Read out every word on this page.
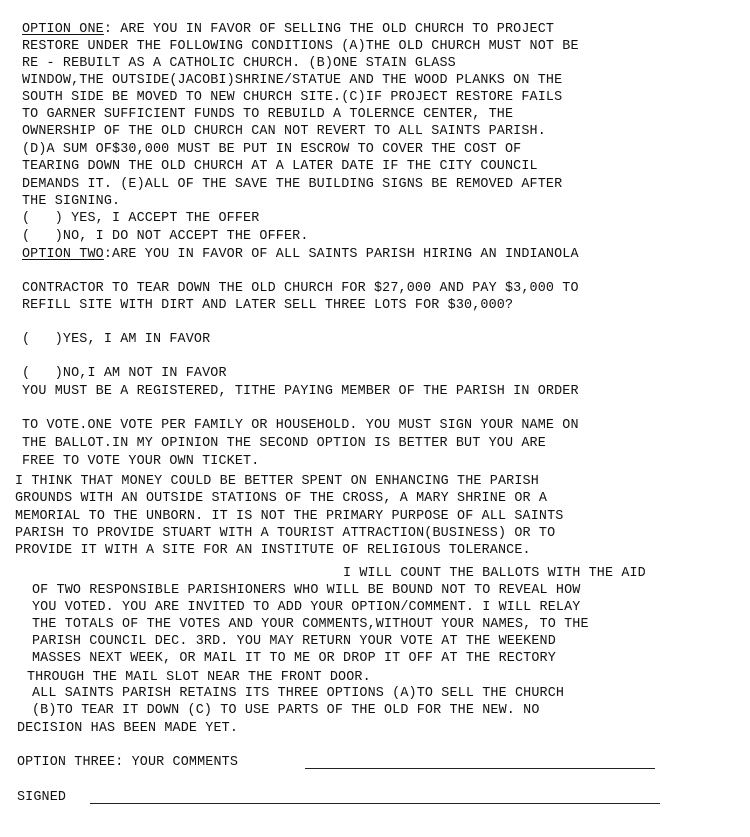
OPTION ONE: ARE YOU IN FAVOR OF SELLING THE OLD CHURCH TO PROJECT
RESTORE UNDER THE FOLLOWING CONDITIONS (A)THE OLD CHURCH MUST NOT BE
RE - REBUILT AS A CATHOLIC CHURCH. (B)ONE STAIN GLASS
WINDOW,THE OUTSIDE(JACOBI)SHRINE/STATUE AND THE WOOD PLANKS ON THE
SOUTH SIDE BE MOVED TO NEW CHURCH SITE.(C)IF PROJECT RESTORE FAILS
TO GARNER SUFFICIENT FUNDS TO REBUILD A TOLERNCE CENTER, THE
OWNERSHIP OF THE OLD CHURCH CAN NOT REVERT TO ALL SAINTS PARISH.
(D)A SUM OF$30,000 MUST BE PUT IN ESCROW TO COVER THE COST OF
TEARING DOWN THE OLD CHURCH AT A LATER DATE IF THE CITY COUNCIL
DEMANDS IT. (E)ALL OF THE SAVE THE BUILDING SIGNS BE REMOVED AFTER
THE SIGNING.
(   ) YES, I ACCEPT THE OFFER
(   )NO, I DO NOT ACCEPT THE OFFER.
OPTION TWO:ARE YOU IN FAVOR OF ALL SAINTS PARISH HIRING AN INDIANOLA
CONTRACTOR TO TEAR DOWN THE OLD CHURCH FOR $27,000 AND PAY $3,000 TO
REFILL SITE WITH DIRT AND LATER SELL THREE LOTS FOR $30,000?
(   )YES, I AM IN FAVOR
(   )NO,I AM NOT IN FAVOR
YOU MUST BE A REGISTERED, TITHE PAYING MEMBER OF THE PARISH IN ORDER
TO VOTE.ONE VOTE PER FAMILY OR HOUSEHOLD. YOU MUST SIGN YOUR NAME ON
THE BALLOT.IN MY OPINION THE SECOND OPTION IS BETTER BUT YOU ARE
FREE TO VOTE YOUR OWN TICKET.
I THINK THAT MONEY COULD BE BETTER SPENT ON ENHANCING THE PARISH
GROUNDS WITH AN OUTSIDE STATIONS OF THE CROSS, A MARY SHRINE OR A
MEMORIAL TO THE UNBORN. IT IS NOT THE PRIMARY PURPOSE OF ALL SAINTS
PARISH TO PROVIDE STUART WITH A TOURIST ATTRACTION(BUSINESS) OR TO
PROVIDE IT WITH A SITE FOR AN INSTITUTE OF RELIGIOUS TOLERANCE.
I WILL COUNT THE BALLOTS WITH THE AID
OF TWO RESPONSIBLE PARISHIONERS WHO WILL BE BOUND NOT TO REVEAL HOW
YOU VOTED. YOU ARE INVITED TO ADD YOUR OPTION/COMMENT. I WILL RELAY
THE TOTALS OF THE VOTES AND YOUR COMMENTS,WITHOUT YOUR NAMES, TO THE
PARISH COUNCIL DEC. 3RD. YOU MAY RETURN YOUR VOTE AT THE WEEKEND
MASSES NEXT WEEK, OR MAIL IT TO ME OR DROP IT OFF AT THE RECTORY
THROUGH THE MAIL SLOT NEAR THE FRONT DOOR.
ALL SAINTS PARISH RETAINS ITS THREE OPTIONS (A)TO SELL THE CHURCH
(B)TO TEAR IT DOWN (C) TO USE PARTS OF THE OLD FOR THE NEW. NO
DECISION HAS BEEN MADE YET.
OPTION THREE: YOUR COMMENTS
SIGNED
